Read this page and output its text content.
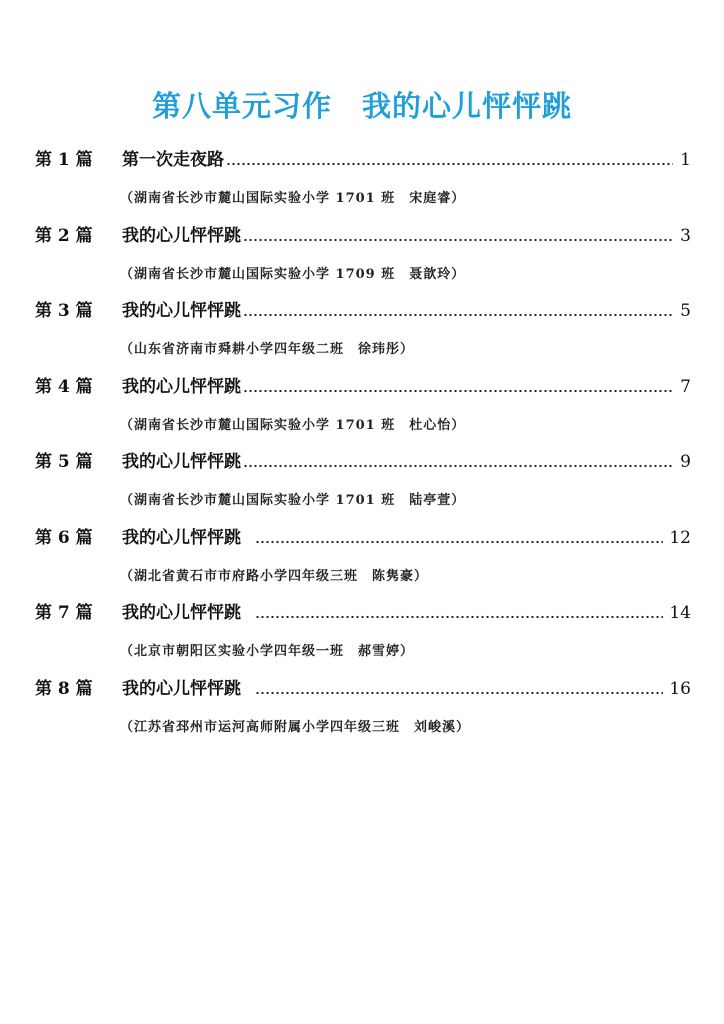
第八单元习作　我的心儿怦怦跳
第 1 篇	第一次走夜路	1
（湖南省长沙市麓山国际实验小学 1701 班　宋庭睿）
第 2 篇	我的心儿怦怦跳	3
（湖南省长沙市麓山国际实验小学 1709 班　聂歆玲）
第 3 篇	我的心儿怦怦跳	5
（山东省济南市舜耕小学四年级二班　徐玮彤）
第 4 篇	我的心儿怦怦跳	7
（湖南省长沙市麓山国际实验小学 1701 班　杜心怡）
第 5 篇	我的心儿怦怦跳	9
（湖南省长沙市麓山国际实验小学 1701 班　陆亭萱）
第 6 篇	我的心儿怦怦跳	12
（湖北省黄石市市府路小学四年级三班　陈隽豪）
第 7 篇	我的心儿怦怦跳	14
（北京市朝阳区实验小学四年级一班　郝雪婷）
第 8 篇	我的心儿怦怦跳	16
（江苏省邳州市运河高师附属小学四年级三班　刘峻溪）
